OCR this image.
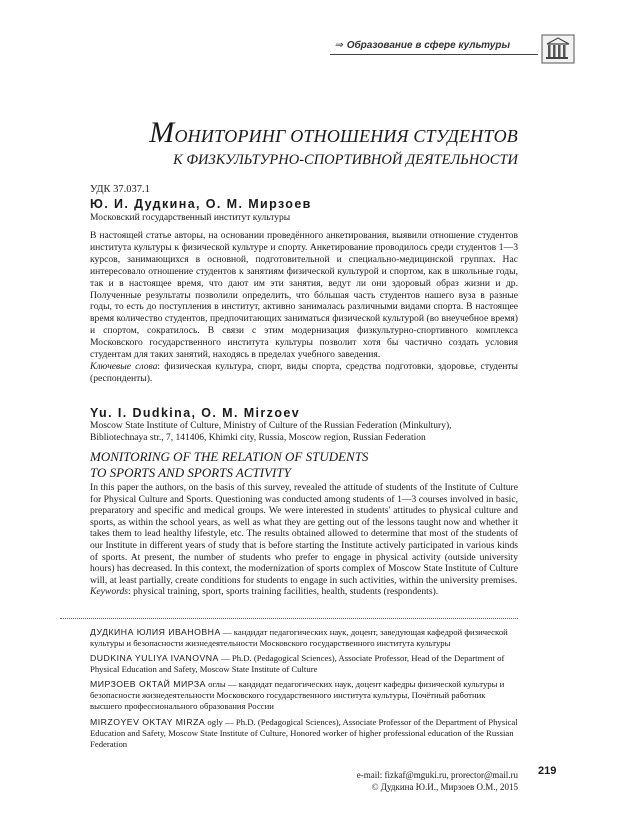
⇒ Образование в сфере культуры
МОНИТОРИНГ ОТНОШЕНИЯ СТУДЕНТОВ
К ФИЗКУЛЬТУРНО-СПОРТИВНОЙ ДЕЯТЕЛЬНОСТИ
УДК 37.037.1
Ю. И. Дудкина, О. М. Мирзоев
Московский государственный институт культуры
В настоящей статье авторы, на основании проведённого анкетирования, выявили отношение студентов института культуры к физической культуре и спорту. Анкетирование проводилось среди студентов 1—3 курсов, занимающихся в основной, подготовительной и специально-медицинской группах. Нас интересовало отношение студентов к занятиям физической культурой и спортом, как в школьные годы, так и в настоящее время, что дают им эти занятия, ведут ли они здоровый образ жизни и др. Полученные результаты позволили определить, что бóльшая часть студентов нашего вуза в разные годы, то есть до поступления в институт, активно занималась различными видами спорта. В настоящее время количество студентов, предпочитающих заниматься физической культурой (во внеучебное время) и спортом, сократилось. В связи с этим модернизация физкультурно-спортивного комплекса Московского государственного института культуры позволит хотя бы частично создать условия студентам для таких занятий, находясь в пределах учебного заведения.
Ключевые слова: физическая культура, спорт, виды спорта, средства подготовки, здоровье, студенты (респонденты).
Yu. I. Dudkina, O. M. Mirzoev
Moscow State Institute of Culture, Ministry of Culture of the Russian Federation (Minkultury),
Bibliotechnaya str., 7, 141406, Khimki city, Russia, Moscow region, Russian Federation
MONITORING OF THE RELATION OF STUDENTS
TO SPORTS AND SPORTS ACTIVITY
In this paper the authors, on the basis of this survey, revealed the attitude of students of the Institute of Culture for Physical Culture and Sports. Questioning was conducted among students of 1—3 courses involved in basic, preparatory and specific and medical groups. We were interested in students' attitudes to physical culture and sports, as within the school years, as well as what they are getting out of the lessons taught now and whether it takes them to lead healthy lifestyle, etc. The results obtained allowed to determine that most of the students of our Institute in different years of study that is before starting the Institute actively participated in various kinds of sports. At present, the number of students who prefer to engage in physical activity (outside university hours) has decreased. In this context, the modernization of sports complex of Moscow State Institute of Culture will, at least partially, create conditions for students to engage in such activities, within the university premises.
Keywords: physical training, sport, sports training facilities, health, students (respondents).
ДУДКИНА ЮЛИЯ ИВАНОВНА — кандидат педагогических наук, доцент, заведующая кафедрой физической культуры и безопасности жизнедеятельности Московского государственного института культуры
DUDKINA YULIYA IVANOVNA — Ph.D. (Pedagogical Sciences), Associate Professor, Head of the Department of Physical Education and Safety, Moscow State Institute of Culture
МИРЗОЕВ ОКТАЙ МИРЗА оглы — кандидат педагогических наук, доцент кафедры физической культуры и безопасности жизнедеятельности Московского государственного института культуры, Почётный работник высшего профессионального образования России
MIRZOYEV OKTAY MIRZA ogly — Ph.D. (Pedagogical Sciences), Associate Professor of the Department of Physical Education and Safety, Moscow State Institute of Culture, Honored worker of higher professional education of the Russian Federation
e-mail: fizkaf@mguki.ru, prorector@mail.ru
© Дудкина Ю.И., Мирзоев О.М., 2015
219
